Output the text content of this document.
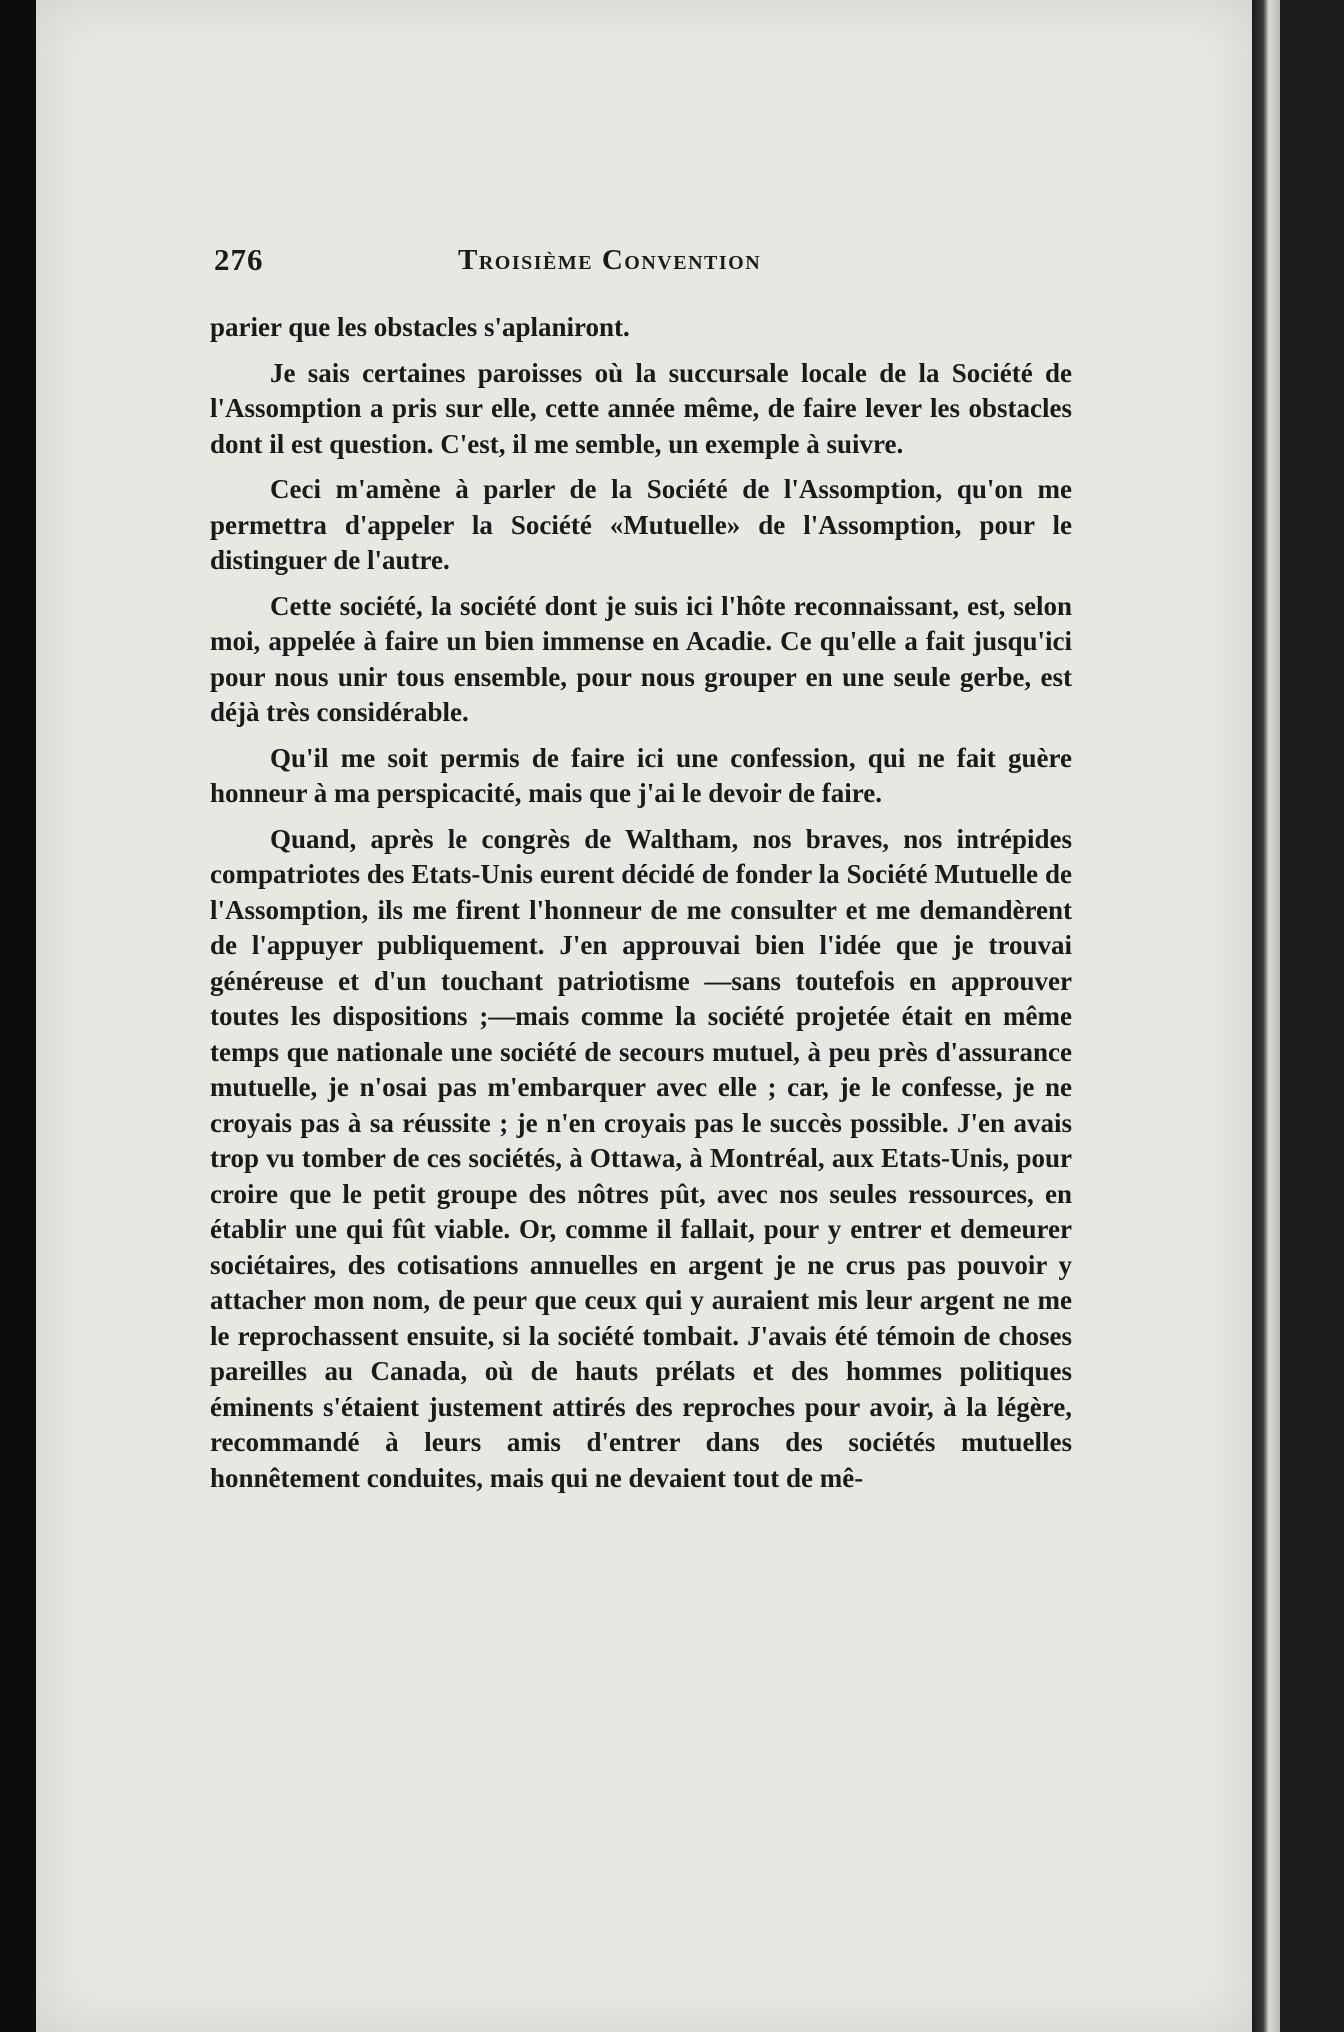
276	Troisième Convention

parier que les obstacles s'aplaniront.

Je sais certaines paroisses où la succursale locale de la Société de l'Assomption a pris sur elle, cette année même, de faire lever les obstacles dont il est question. C'est, il me semble, un exemple à suivre.

Ceci m'amène à parler de la Société de l'Assomption, qu'on me permettra d'appeler la Société «Mutuelle» de l'Assomption, pour le distinguer de l'autre.

Cette société, la société dont je suis ici l'hôte reconnaissant, est, selon moi, appelée à faire un bien immense en Acadie. Ce qu'elle a fait jusqu'ici pour nous unir tous ensemble, pour nous grouper en une seule gerbe, est déjà très considérable.

Qu'il me soit permis de faire ici une confession, qui ne fait guère honneur à ma perspicacité, mais que j'ai le devoir de faire.

Quand, après le congrès de Waltham, nos braves, nos intrépides compatriotes des Etats-Unis eurent décidé de fonder la Société Mutuelle de l'Assomption, ils me firent l'honneur de me consulter et me demandèrent de l'appuyer publiquement. J'en approuvai bien l'idée que je trouvai généreuse et d'un touchant patriotisme —sans toutefois en approuver toutes les dispositions ;—mais comme la société projetée était en même temps que nationale une société de secours mutuel, à peu près d'assurance mutuelle, je n'osai pas m'embarquer avec elle ; car, je le confesse, je ne croyais pas à sa réussite ; je n'en croyais pas le succès possible. J'en avais trop vu tomber de ces sociétés, à Ottawa, à Montréal, aux Etats-Unis, pour croire que le petit groupe des nôtres pût, avec nos seules ressources, en établir une qui fût viable. Or, comme il fallait, pour y entrer et demeurer sociétaires, des cotisations annuelles en argent je ne crus pas pouvoir y attacher mon nom, de peur que ceux qui y auraient mis leur argent ne me le reprochassent ensuite, si la société tombait. J'avais été témoin de choses pareilles au Canada, où de hauts prélats et des hommes politiques éminents s'étaient justement attirés des reproches pour avoir, à la légère, recommandé à leurs amis d'entrer dans des sociétés mutuelles honnêtement conduites, mais qui ne devaient tout de mê-
